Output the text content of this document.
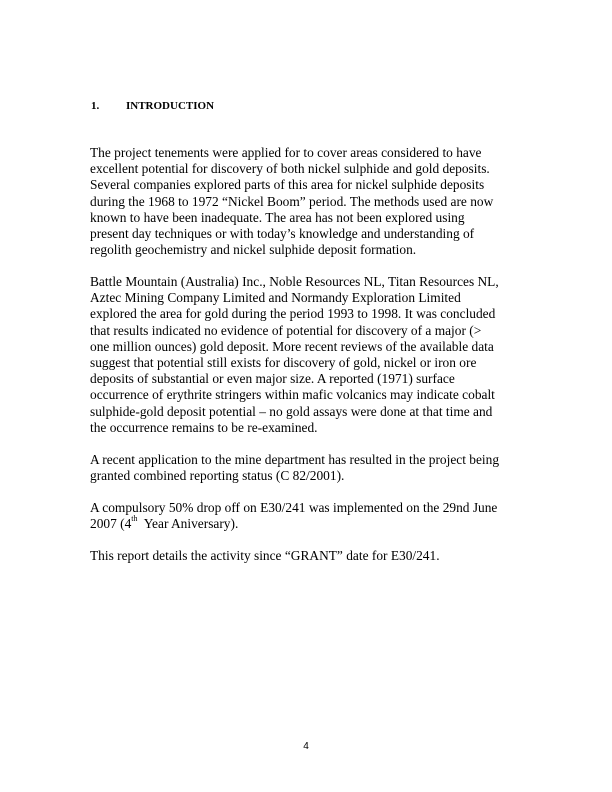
1. INTRODUCTION
The project tenements were applied for to cover areas considered to have
excellent potential for discovery of both nickel sulphide and gold deposits.
Several companies explored parts of this area for nickel sulphide deposits
during the 1968 to 1972 “Nickel Boom” period. The methods used are now
known to have been inadequate. The area has not been explored using
present day techniques or with today’s knowledge and understanding of
regolith geochemistry and nickel sulphide deposit formation.
Battle Mountain (Australia) Inc., Noble Resources NL, Titan Resources NL,
Aztec Mining Company Limited and Normandy Exploration Limited
explored the area for gold during the period 1993 to 1998. It was concluded
that results indicated no evidence of potential for discovery of a major (>
one million ounces) gold deposit. More recent reviews of the available data
suggest that potential still exists for discovery of gold, nickel or iron ore
deposits of substantial or even major size. A reported (1971) surface
occurrence of erythrite stringers within mafic volcanics may indicate cobalt
sulphide-gold deposit potential – no gold assays were done at that time and
the occurrence remains to be re-examined.
A recent application to the mine department has resulted in the project being
granted combined reporting status (C 82/2001).
A compulsory 50% drop off on E30/241 was implemented on the 29nd June
2007 (4th  Year Aniversary).
This report details the activity since “GRANT” date for E30/241.
4
